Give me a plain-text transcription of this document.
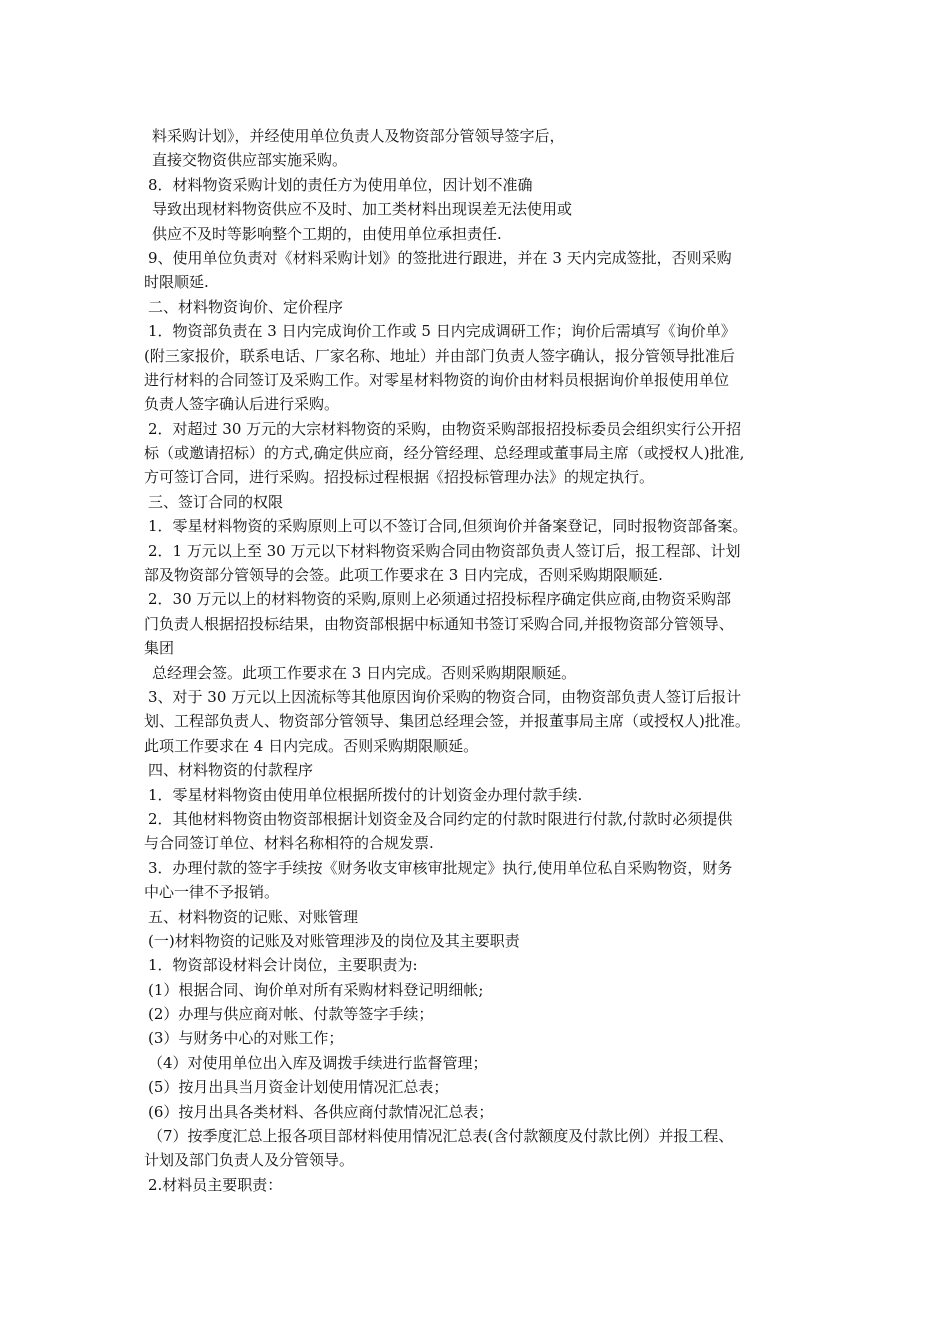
料采购计划》，并经使用单位负责人及物资部分管领导签字后，
直接交物资供应部实施采购。
8．材料物资采购计划的责任方为使用单位，因计划不准确
导致出现材料物资供应不及时、加工类材料出现误差无法使用或
供应不及时等影响整个工期的，由使用单位承担责任.
9、使用单位负责对《材料采购计划》的签批进行跟进，并在 3 天内完成签批，否则采购
时限顺延.
二、材料物资询价、定价程序
1．物资部负责在 3 日内完成询价工作或 5 日内完成调研工作；询价后需填写《询价单》
(附三家报价，联系电话、厂家名称、地址）并由部门负责人签字确认，报分管领导批准后
进行材料的合同签订及采购工作。对零星材料物资的询价由材料员根据询价单报使用单位
负责人签字确认后进行采购。
2．对超过 30 万元的大宗材料物资的采购，由物资采购部报招投标委员会组织实行公开招
标（或邀请招标）的方式,确定供应商，经分管经理、总经理或董事局主席（或授权人)批准,
方可签订合同，进行采购。招投标过程根据《招投标管理办法》的规定执行。
三、签订合同的权限
1．零星材料物资的采购原则上可以不签订合同,但须询价并备案登记，同时报物资部备案。
2．1 万元以上至 30 万元以下材料物资采购合同由物资部负责人签订后，报工程部、计划
部及物资部分管领导的会签。此项工作要求在 3 日内完成，否则采购期限顺延.
2．30 万元以上的材料物资的采购,原则上必须通过招投标程序确定供应商,由物资采购部
门负责人根据招投标结果，由物资部根据中标通知书签订采购合同,并报物资部分管领导、
集团
总经理会签。此项工作要求在 3 日内完成。否则采购期限顺延。
3、对于 30 万元以上因流标等其他原因询价采购的物资合同，由物资部负责人签订后报计
划、工程部负责人、物资部分管领导、集团总经理会签，并报董事局主席（或授权人)批准。
此项工作要求在 4 日内完成。否则采购期限顺延。
四、材料物资的付款程序
1．零星材料物资由使用单位根据所拨付的计划资金办理付款手续.
2．其他材料物资由物资部根据计划资金及合同约定的付款时限进行付款,付款时必须提供
与合同签订单位、材料名称相符的合规发票.
3．办理付款的签字手续按《财务收支审核审批规定》执行,使用单位私自采购物资，财务
中心一律不予报销。
五、材料物资的记账、对账管理
(一)材料物资的记账及对账管理涉及的岗位及其主要职责
1．物资部设材料会计岗位，主要职责为:
(1）根据合同、询价单对所有采购材料登记明细帐;
(2）办理与供应商对帐、付款等签字手续；
(3）与财务中心的对账工作；
（4）对使用单位出入库及调拨手续进行监督管理；
(5）按月出具当月资金计划使用情况汇总表；
(6）按月出具各类材料、各供应商付款情况汇总表；
（7）按季度汇总上报各项目部材料使用情况汇总表(含付款额度及付款比例）并报工程、
计划及部门负责人及分管领导。
2.材料员主要职责：
